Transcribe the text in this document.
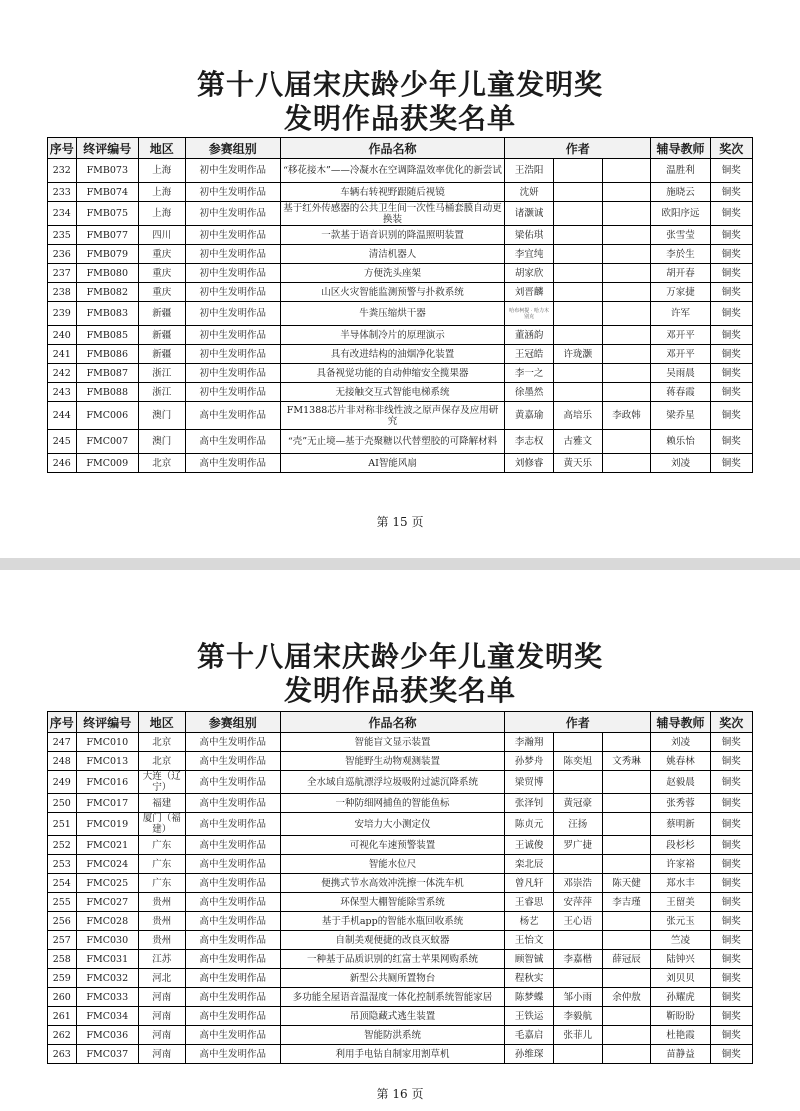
第十八届宋庆龄少年儿童发明奖
发明作品获奖名单
序号	终评编号	地区	参赛组别	作品名称	作者			辅导教师	奖次
232	FMB073	上海	初中生发明作品	“移花接木”——冷凝水在空调降温效率优化的新尝试	王浩阳			温胜利	铜奖
233	FMB074	上海	初中生发明作品	车辆右转视野跟随后视镜	沈妍			施晓云	铜奖
234	FMB075	上海	初中生发明作品	基于红外传感器的公共卫生间一次性马桶套膜自动更换装	诸灏诚			欧阳序远	铜奖
235	FMB077	四川	初中生发明作品	一款基于语音识别的降温照明装置	梁佑琪			张雪莹	铜奖
236	FMB079	重庆	初中生发明作品	清洁机器人	李宜纯			李於生	铜奖
237	FMB080	重庆	初中生发明作品	方便洗头座架	胡家欣			胡开春	铜奖
238	FMB082	重庆	初中生发明作品	山区火灾智能监测预警与扑救系统	刘晋麟			万家捷	铜奖
239	FMB083	新疆	初中生发明作品	牛粪压缩烘干器	哈布柯提 · 哈力木别克			许军	铜奖
240	FMB085	新疆	初中生发明作品	半导体制冷片的原理演示	董涵韵			邓开平	铜奖
241	FMB086	新疆	初中生发明作品	具有改进结构的油烟净化装置	王冠皓	许珑灏		邓开平	铜奖
242	FMB087	浙江	初中生发明作品	具备视觉功能的自动伸缩安全揽果器	李一之			吴雨晨	铜奖
243	FMB088	浙江	初中生发明作品	无接触交互式智能电梯系统	徐墨然			蒋春霞	铜奖
244	FMC006	澳门	高中生发明作品	FM1388芯片非对称非线性波之原声保存及应用研究	黄嘉瑜	高培乐	李政韩	梁乔星	铜奖
245	FMC007	澳门	高中生发明作品	“壳”无止境—基于壳聚糖以代替塑胶的可降解材料	李志权	古雅文		赖乐怡	铜奖
246	FMC009	北京	高中生发明作品	AI智能风扇	刘修睿	黄天乐		刘凌	铜奖
第 15 页
第十八届宋庆龄少年儿童发明奖
发明作品获奖名单
序号	终评编号	地区	参赛组别	作品名称	作者			辅导教师	奖次
247	FMC010	北京	高中生发明作品	智能盲文显示装置	李瀚翔			刘凌	铜奖
248	FMC013	北京	高中生发明作品	智能野生动物观测装置	孙梦舟	陈奕旭	文秀琳	姚春林	铜奖
249	FMC016	大连（辽宁）	高中生发明作品	全水域自巡航漂浮垃圾吸附过滤沉降系统	梁贸博			赵毅晨	铜奖
250	FMC017	福建	高中生发明作品	一种防细网捕鱼的智能鱼标	张泽钊	黄冠豪		张秀蓉	铜奖
251	FMC019	厦门（福建）	高中生发明作品	安培力大小测定仪	陈贞元	汪扬		蔡明新	铜奖
252	FMC021	广东	高中生发明作品	可视化车速预警装置	王诚俊	罗广捷		段杉杉	铜奖
253	FMC024	广东	高中生发明作品	智能水位尺	栾北辰			许家裕	铜奖
254	FMC025	广东	高中生发明作品	便携式节水高效冲洗擦一体洗车机	曾凡轩	邓崇浩	陈天健	郑水丰	铜奖
255	FMC027	贵州	高中生发明作品	环保型大棚智能除雪系统	王睿思	安萍萍	李吉瑾	王留美	铜奖
256	FMC028	贵州	高中生发明作品	基于手机app的智能水瓶回收系统	杨艺	王心语		张元玉	铜奖
257	FMC030	贵州	高中生发明作品	自制美观便捷的改良灭蚊器	王怡文			竺凌	铜奖
258	FMC031	江苏	高中生发明作品	一种基于品质识别的红富士苹果网购系统	顾智铖	李嘉楷	薛冠辰	陆钟兴	铜奖
259	FMC032	河北	高中生发明作品	新型公共厕所置物台	程秋实			刘贝贝	铜奖
260	FMC033	河南	高中生发明作品	多功能全屋语音温湿度一体化控制系统智能家居	陈梦蝶	邹小雨	余仲敖	孙耀虎	铜奖
261	FMC034	河南	高中生发明作品	吊顶隐藏式逃生装置	王铁运	李毅航		靳盼盼	铜奖
262	FMC036	河南	高中生发明作品	智能防洪系统	毛嘉启	张菲儿		杜艳霞	铜奖
263	FMC037	河南	高中生发明作品	利用手电钻自制家用割草机	孙维琛			苗静益	铜奖
第 16 页
